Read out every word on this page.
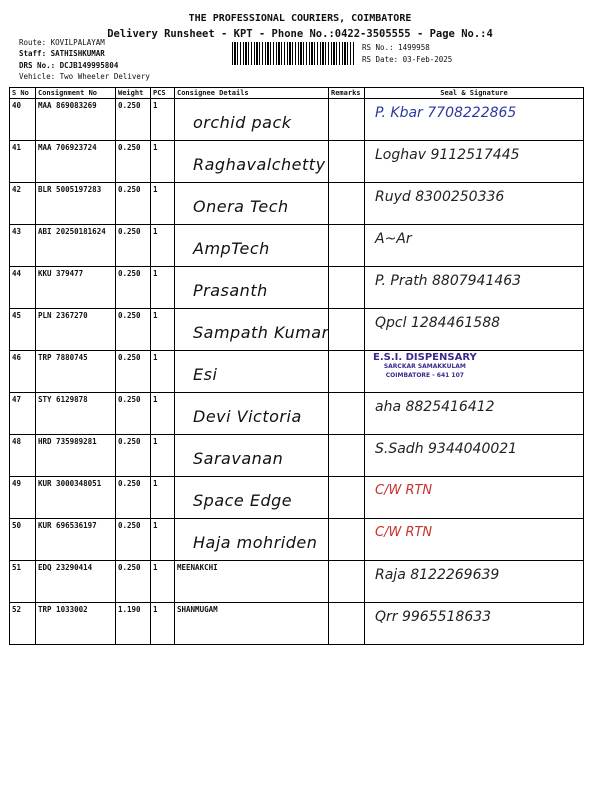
THE PROFESSIONAL COURIERS, COIMBATORE
Delivery Runsheet - KPT - Phone No.:0422-3505555 - Page No.:4
Route: KOVILPALAYAM
Staff: SATHISHKUMAR
DRS No.: DCJB149995804
Vehicle: Two Wheeler Delivery
RS No.: 1499958
RS Date: 03-Feb-2025
S No	Consignment No	Weight	PCS	Consignee Details	Remarks	Seal & Signature
40	MAA 869083269	0.250	1	orchid pack		P. Kbar 7708222865

41	MAA 706923724	0.250	1	Raghavalchetty		Loghav 9112517445

42	BLR 5005197283	0.250	1	Onera Tech		Ruyd 8300250336

43	ABI 20250181624	0.250	1	AmpTech		A~Ar

44	KKU 379477	0.250	1	Prasanth		P. Prath 8807941463

45	PLN 2367270	0.250	1	Sampath Kumar		Qpcl 1284461588

46	TRP 7880745	0.250	1	Esi		E.S.I. DISPENSARY
SARCKAR SAMAKKULAM
COIMBATORE - 641 107

47	STY 6129878	0.250	1	Devi Victoria		aha 8825416412

48	HRD 735989281	0.250	1	Saravanan		S.Sadh 9344040021

49	KUR 3000348051	0.250	1	Space Edge		C/W RTN

50	KUR 696536197	0.250	1	Haja mohriden		C/W RTN

51	EDQ 23290414	0.250	1	MEENAKCHI		Raja 8122269639

52	TRP 1033002	1.190	1	SHANMUGAM		Qrr 9965518633
